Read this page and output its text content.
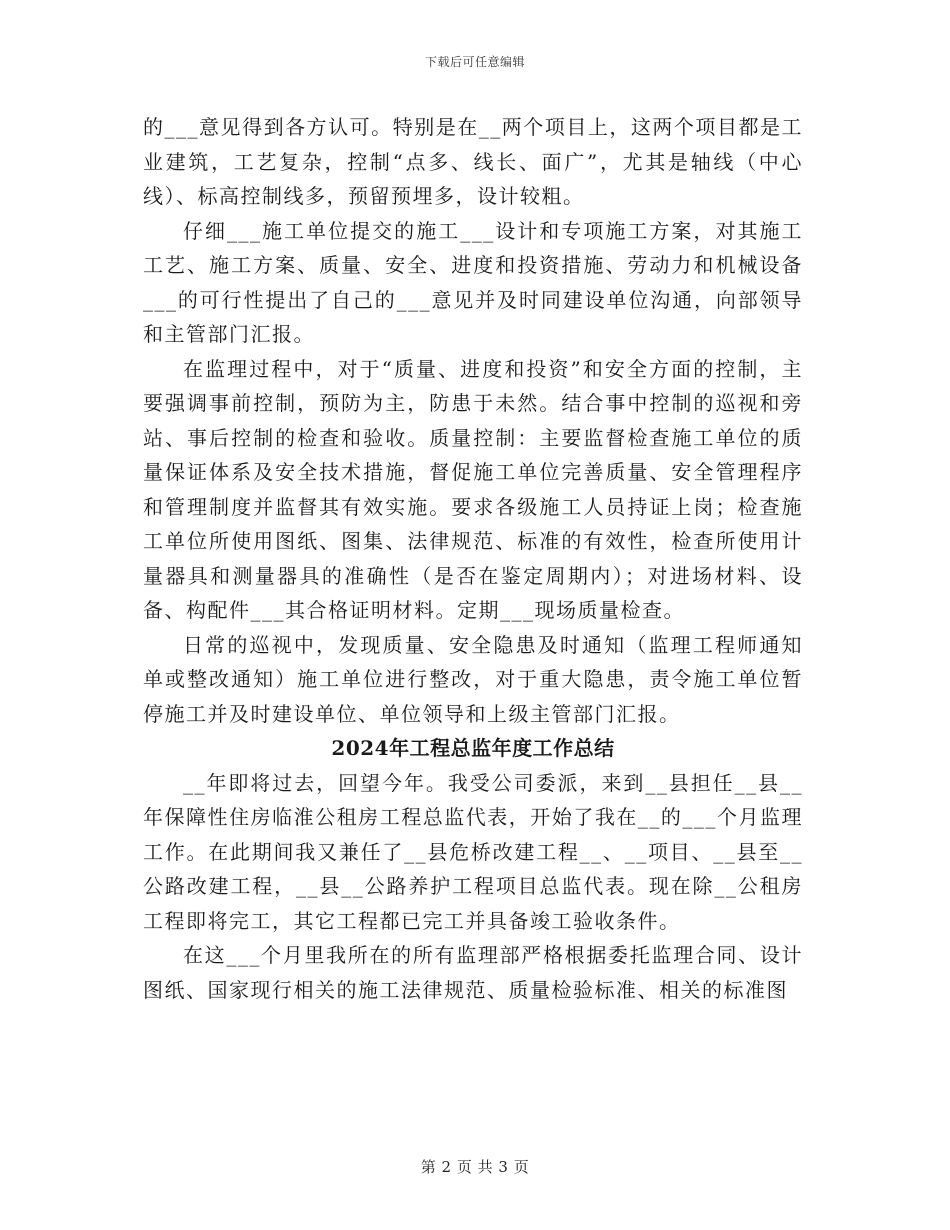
下载后可任意编辑

的___意见得到各方认可。特别是在__两个项目上，这两个项目都是工业建筑，工艺复杂，控制“点多、线长、面广”，尤其是轴线（中心线）、标高控制线多，预留预埋多，设计较粗。

仔细___施工单位提交的施工___设计和专项施工方案，对其施工工艺、施工方案、质量、安全、进度和投资措施、劳动力和机械设备___的可行性提出了自己的___意见并及时同建设单位沟通，向部领导和主管部门汇报。

在监理过程中，对于“质量、进度和投资”和安全方面的控制，主要强调事前控制，预防为主，防患于未然。结合事中控制的巡视和旁站、事后控制的检查和验收。质量控制：主要监督检查施工单位的质量保证体系及安全技术措施，督促施工单位完善质量、安全管理程序和管理制度并监督其有效实施。要求各级施工人员持证上岗；检查施工单位所使用图纸、图集、法律规范、标准的有效性，检查所使用计量器具和测量器具的准确性（是否在鉴定周期内）；对进场材料、设备、构配件___其合格证明材料。定期___现场质量检查。

日常的巡视中，发现质量、安全隐患及时通知（监理工程师通知单或整改通知）施工单位进行整改，对于重大隐患，责令施工单位暂停施工并及时建设单位、单位领导和上级主管部门汇报。

2024年工程总监年度工作总结

__年即将过去，回望今年。我受公司委派，来到__县担任__县__年保障性住房临淮公租房工程总监代表，开始了我在__的___个月监理工作。在此期间我又兼任了__县危桥改建工程__、__项目、__县至__公路改建工程，__县__公路养护工程项目总监代表。现在除__公租房工程即将完工，其它工程都已完工并具备竣工验收条件。

在这___个月里我所在的所有监理部严格根据委托监理合同、设计图纸、国家现行相关的施工法律规范、质量检验标准、相关的标准图

第 2 页 共 3 页
